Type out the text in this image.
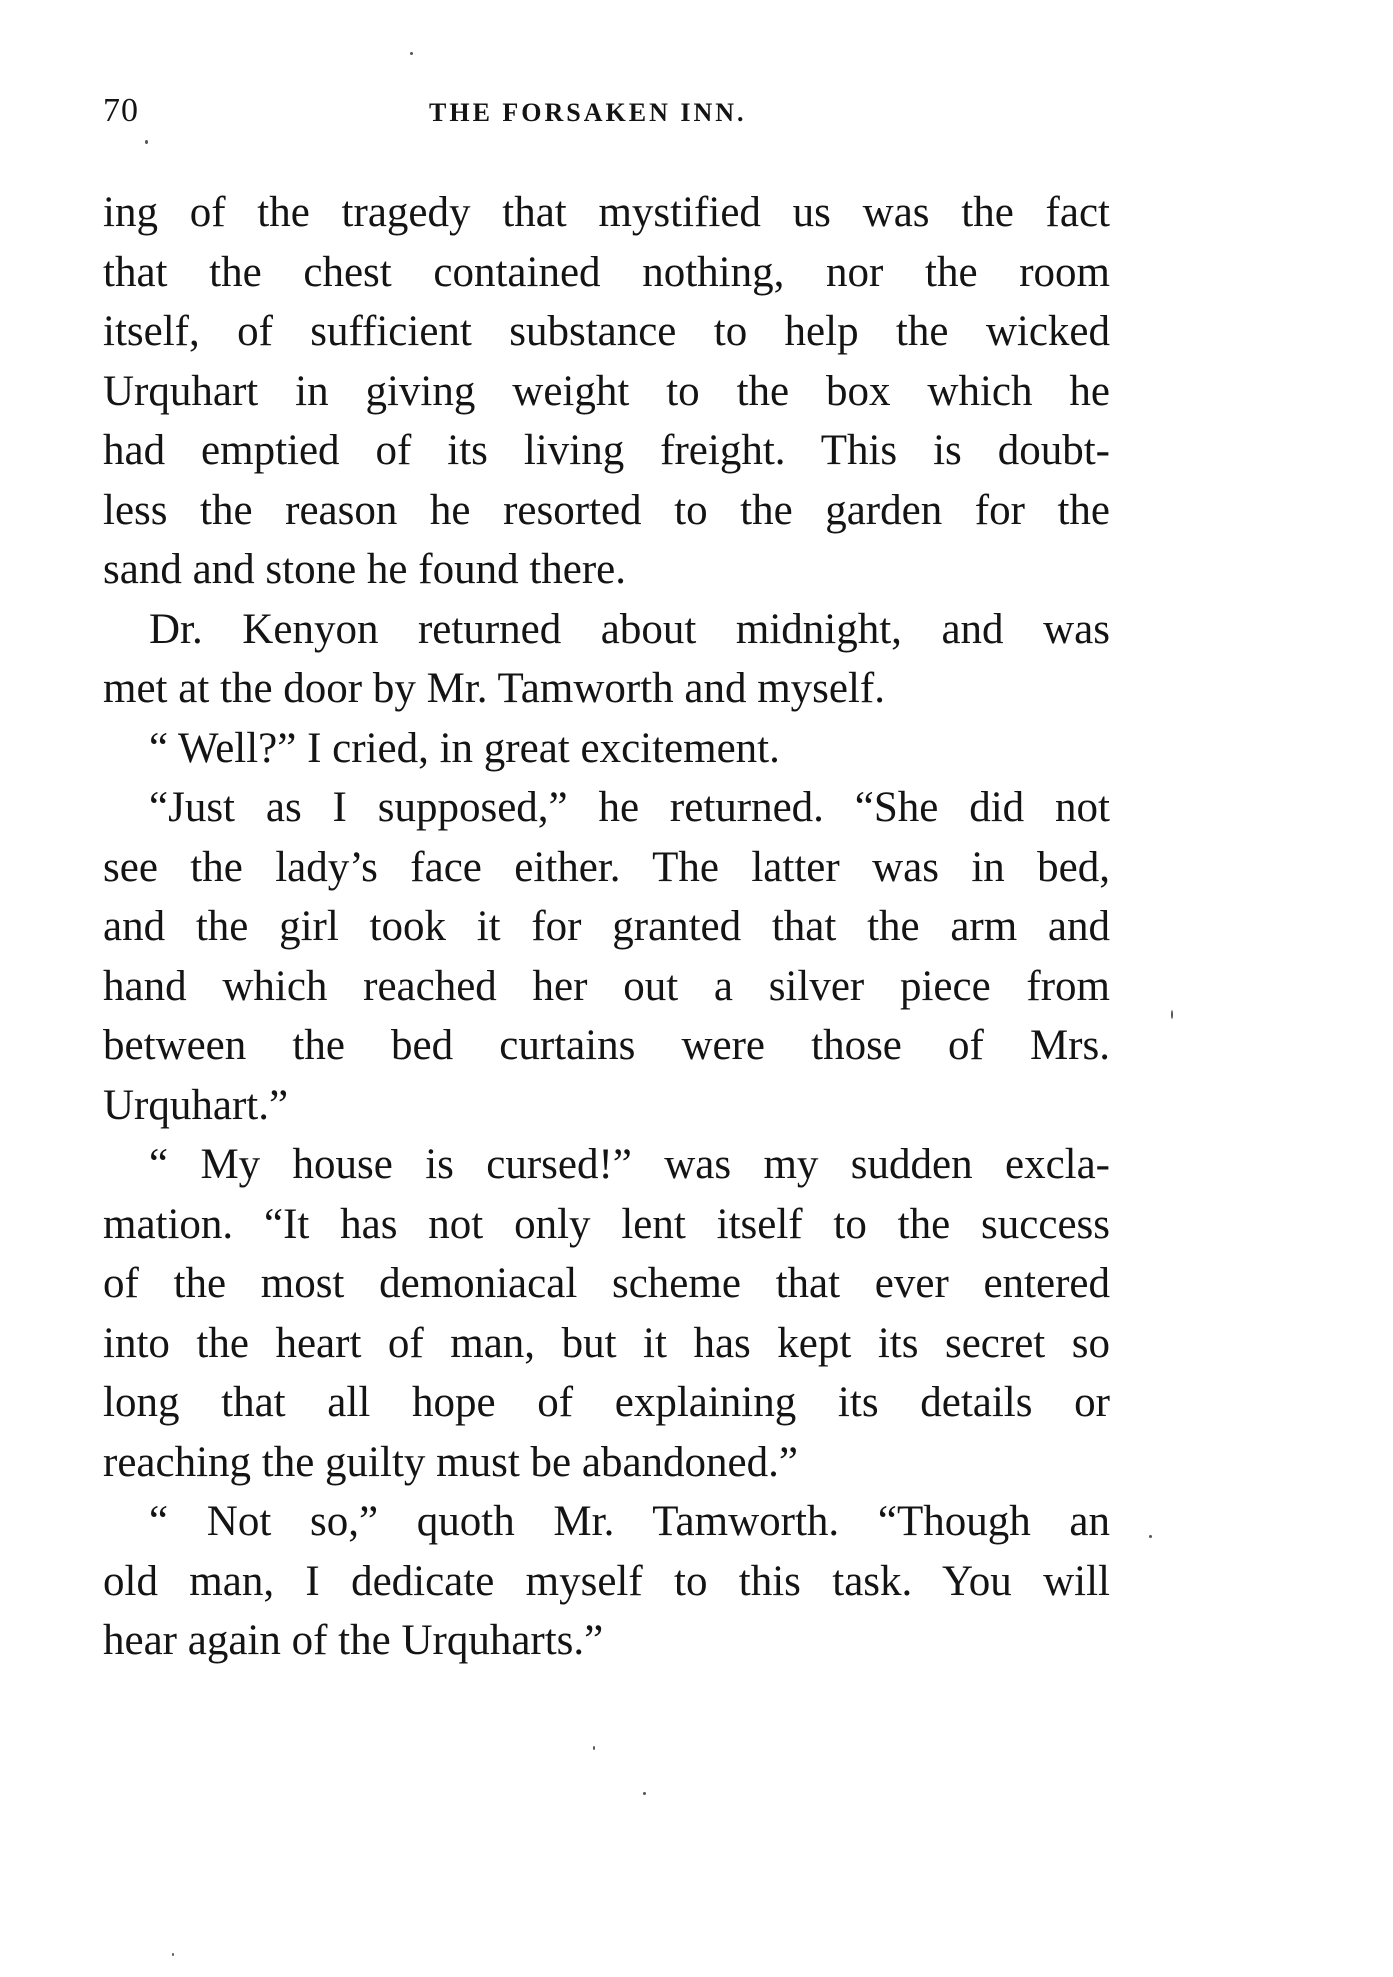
70	THE FORSAKEN INN.
ing of the tragedy that mystified us was the fact
that the chest contained nothing, nor the room
itself, of sufficient substance to help the wicked
Urquhart in giving weight to the box which he
had emptied of its living freight. This is doubt-
less the reason he resorted to the garden for the
sand and stone he found there.
Dr. Kenyon returned about midnight, and was
met at the door by Mr. Tamworth and myself.
“ Well?” I cried, in great excitement.
“Just as I supposed,” he returned. “She did not
see the lady’s face either. The latter was in bed,
and the girl took it for granted that the arm and
hand which reached her out a silver piece from
between the bed curtains were those of Mrs.
Urquhart.”
“ My house is cursed!” was my sudden excla-
mation. “It has not only lent itself to the success
of the most demoniacal scheme that ever entered
into the heart of man, but it has kept its secret so
long that all hope of explaining its details or
reaching the guilty must be abandoned.”
“ Not so,” quoth Mr. Tamworth. “Though an
old man, I dedicate myself to this task. You will
hear again of the Urquharts.”
